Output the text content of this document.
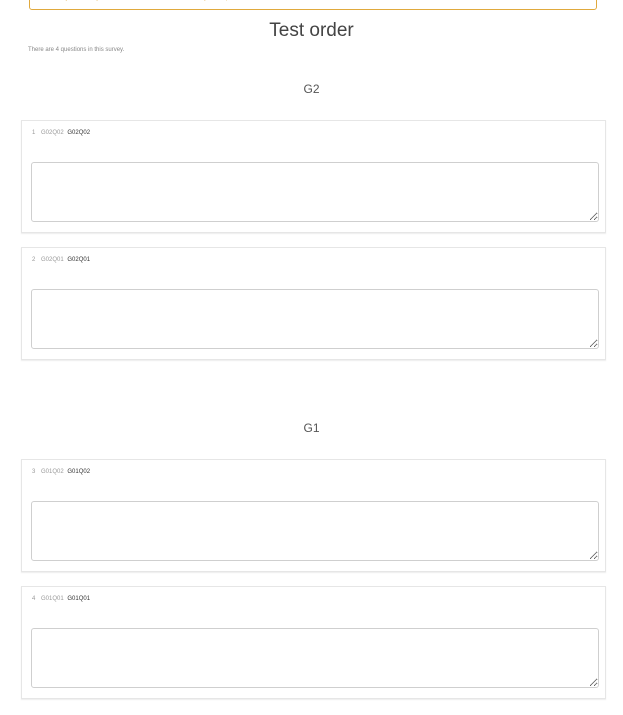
Test order
There are 4 questions in this survey.
G2
1 G02Q02 G02Q02
2 G02Q01 G02Q01
G1
3 G01Q02 G01Q02
4 G01Q01 G01Q01
